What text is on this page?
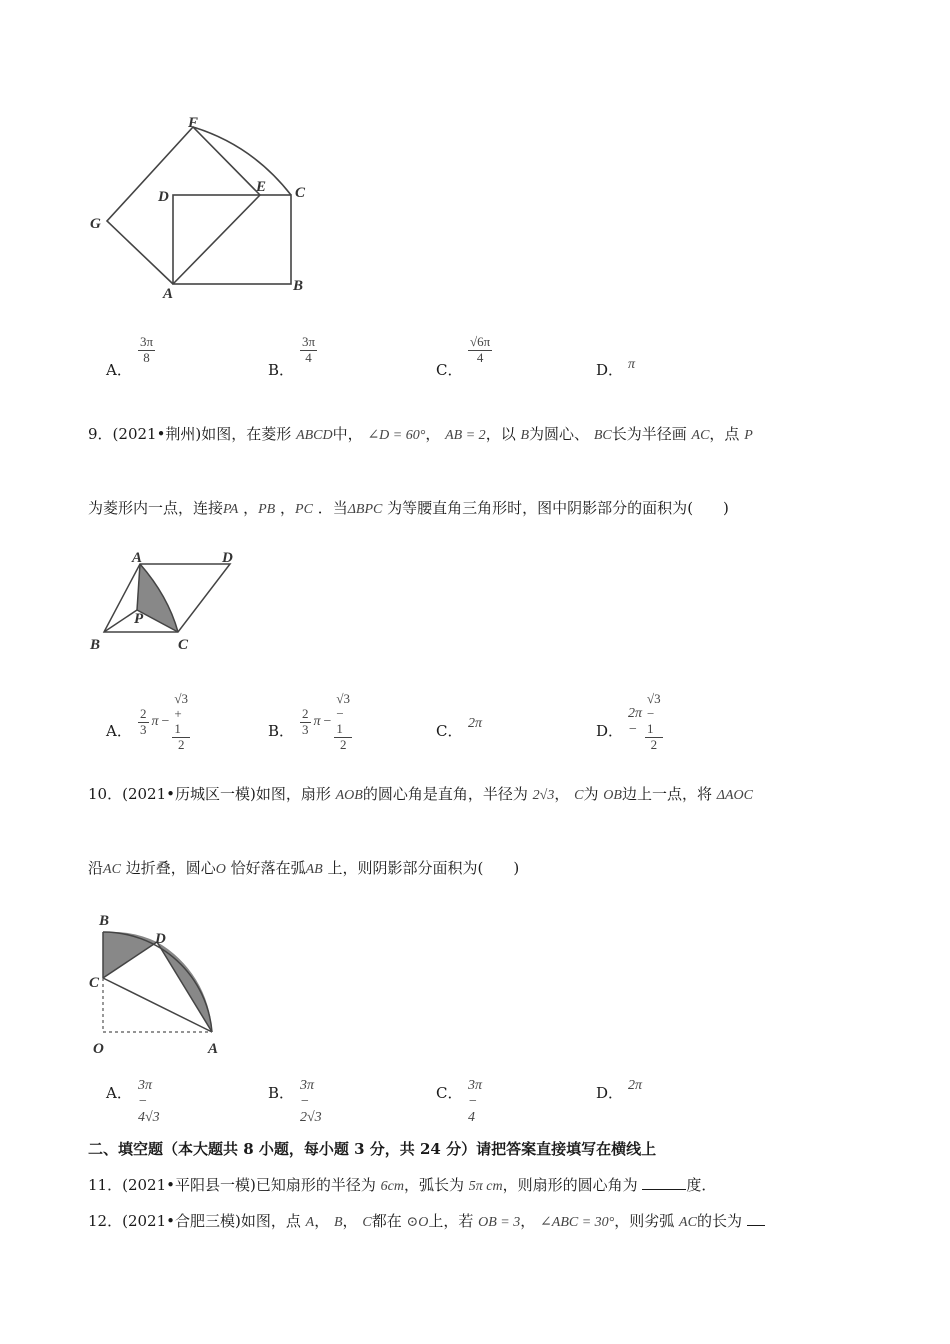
F
D
E C
G
A	B
A．
$\frac{3\pi}{8}$
B．
$\frac{3\pi}{4}$
C．
$\frac{√6\pi}{4}$
D． π
9．(2021•荆州)如图，在菱形 ABCD中， ∠D = 60°， AB = 2，以 B为圆心、 BC长为半径画 AC，点 P
为菱形内一点，连接PA ，PB ，PC ．当ΔBPC 为等腰直角三角形时，图中阴影部分的面积为(　　)
A	D
P
B	C
A． $\frac{2}{3}$ $\pi - \frac{√3 + 1}{2}$	B． $\frac{2}{3}$ $\pi - \frac{√3 - 1}{2}$	C． 2π	D．
$2\pi - \frac{√3 - 1}{2}$
10．(2021•历城区一模)如图，扇形 AOB的圆心角是直角，半径为 2√3， C为 OB边上一点，将 ΔAOC
沿AC 边折叠，圆心O 恰好落在弧AB 上，则阴影部分面积为(　　)
B
D
C
O	A
A． 3π − 4√3
B． 3π − 2√3
C． 3π − 4
D． 2π
二、填空题（本大题共 8 小题，每小题 3 分，共 24 分）请把答案直接填写在横线上
11．(2021•平阳县一模)已知扇形的半径为 6cm，弧长为 5π cm，则扇形的圆心角为	度．
12．(2021•合肥三模)如图，点 A， B， C都在 ⊙O上，若 OB = 3， ∠ABC = 30°，则劣弧 AC的长为
